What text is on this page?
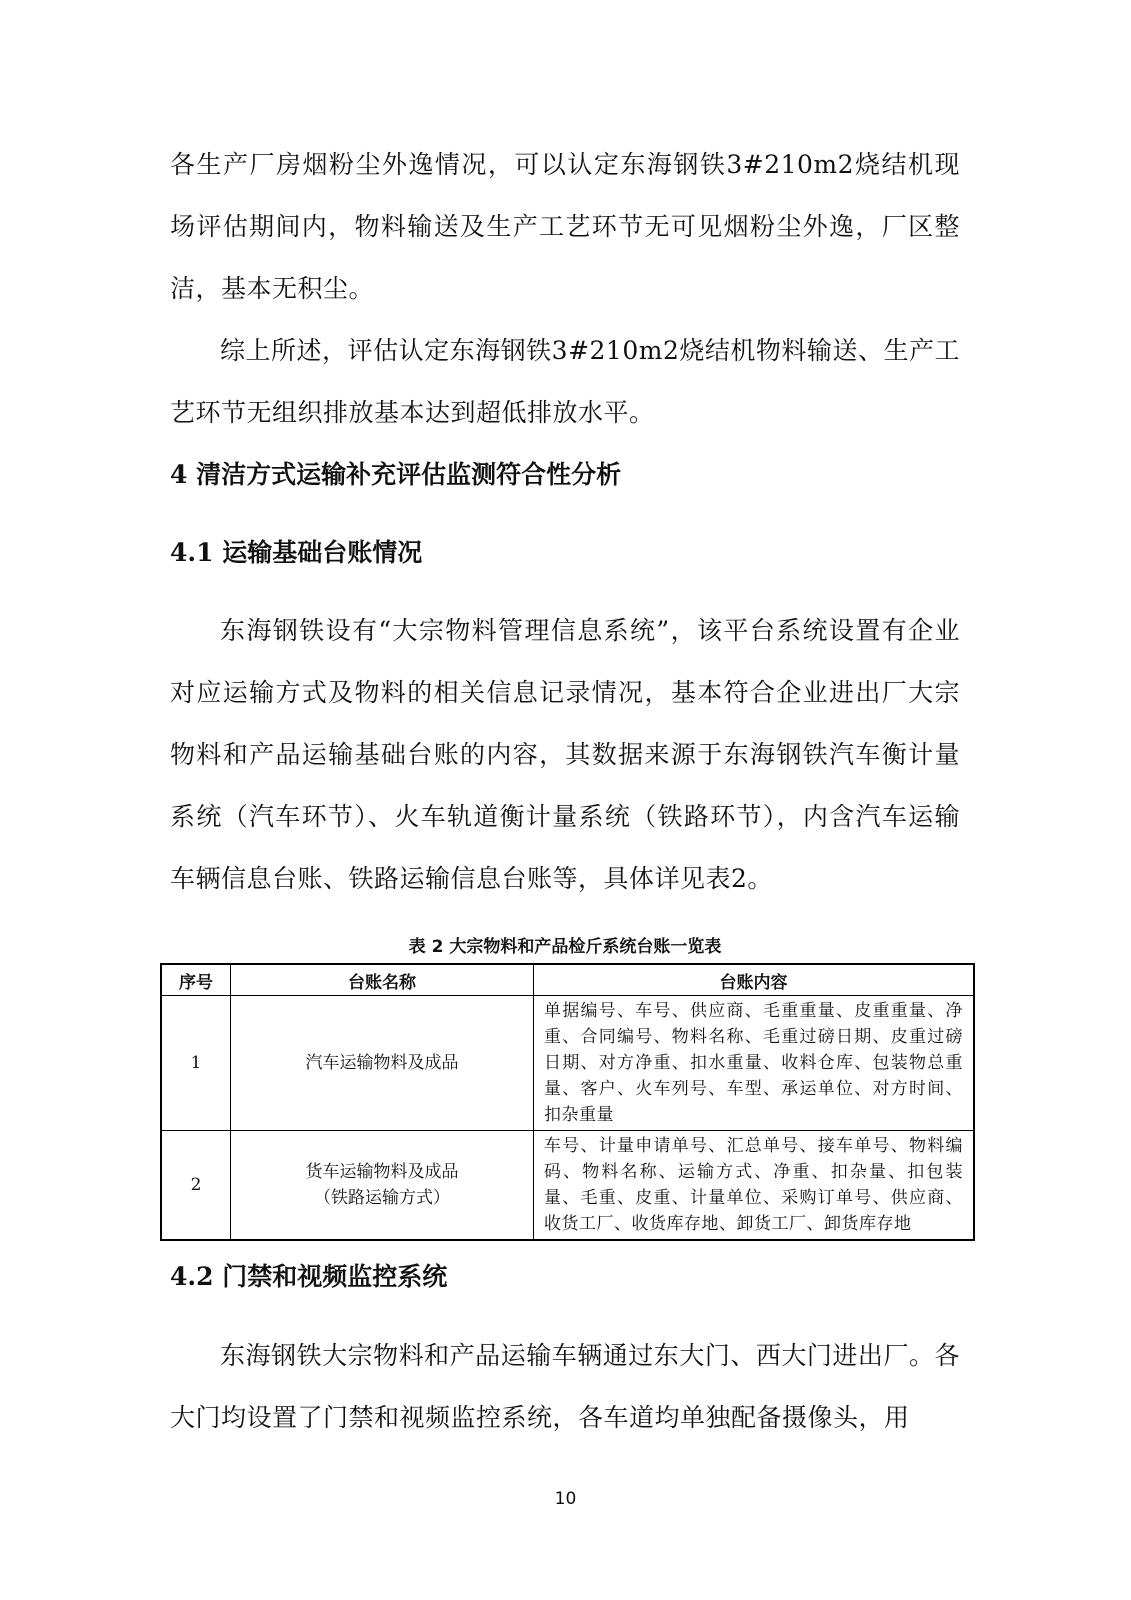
各生产厂房烟粉尘外逸情况，可以认定东海钢铁3#210m2烧结机现场评估期间内，物料输送及生产工艺环节无可见烟粉尘外逸，厂区整洁，基本无积尘。

综上所述，评估认定东海钢铁3#210m2烧结机物料输送、生产工艺环节无组织排放基本达到超低排放水平。

4 清洁方式运输补充评估监测符合性分析

4.1 运输基础台账情况

东海钢铁设有“大宗物料管理信息系统”，该平台系统设置有企业对应运输方式及物料的相关信息记录情况，基本符合企业进出厂大宗物料和产品运输基础台账的内容，其数据来源于东海钢铁汽车衡计量系统（汽车环节）、火车轨道衡计量系统（铁路环节），内含汽车运输车辆信息台账、铁路运输信息台账等，具体详见表2。

表 2 大宗物料和产品检斤系统台账一览表

序号	台账名称	台账内容
1	汽车运输物料及成品	单据编号、车号、供应商、毛重重量、皮重重量、净重、合同编号、物料名称、毛重过磅日期、皮重过磅日期、对方净重、扣水重量、收料仓库、包装物总重量、客户、火车列号、车型、承运单位、对方时间、扣杂重量
2	货车运输物料及成品
（铁路运输方式）	车号、计量申请单号、汇总单号、接车单号、物料编码、物料名称、运输方式、净重、扣杂量、扣包装量、毛重、皮重、计量单位、采购订单号、供应商、收货工厂、收货库存地、卸货工厂、卸货库存地

4.2 门禁和视频监控系统

东海钢铁大宗物料和产品运输车辆通过东大门、西大门进出厂。各大门均设置了门禁和视频监控系统，各车道均单独配备摄像头，用

10
